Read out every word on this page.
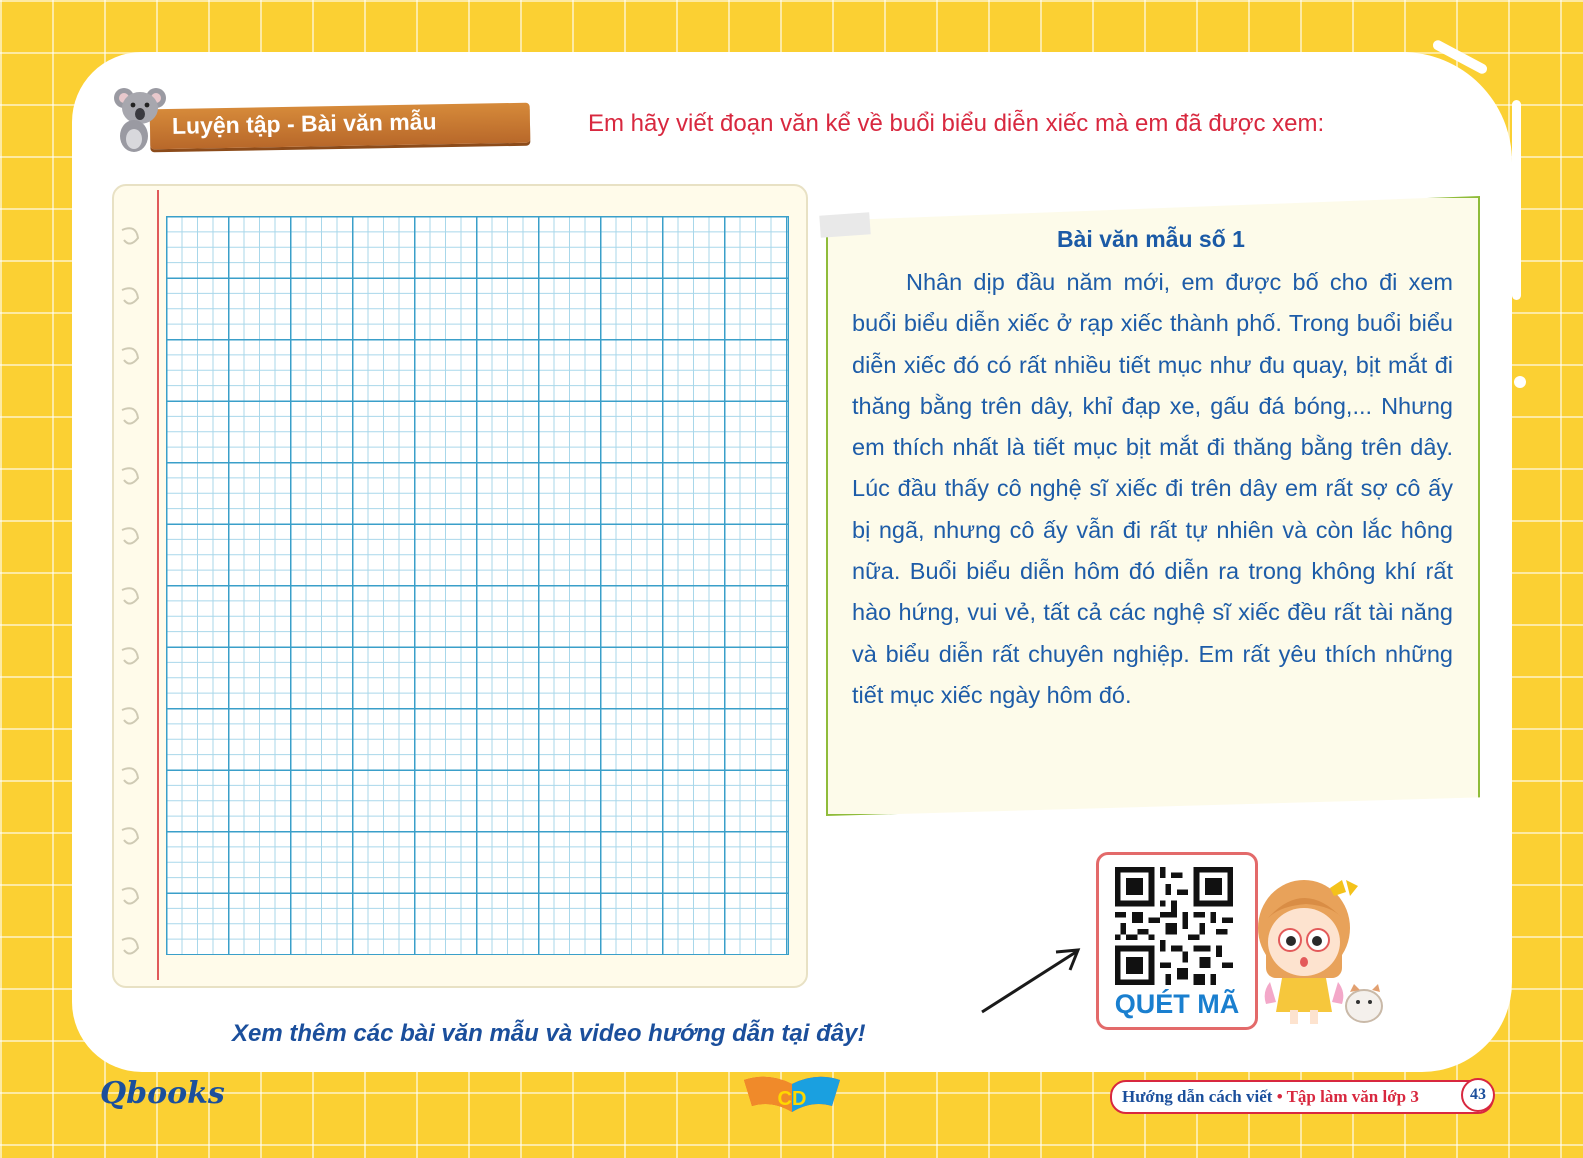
Luyện tập - Bài văn mẫu	Em hãy viết đoạn văn kể về buổi biểu diễn xiếc mà em đã được xem:
Bài văn mẫu số 1

Nhân dịp đầu năm mới, em được bố cho đi xem buổi biểu diễn xiếc ở rạp xiếc thành phố. Trong buổi biểu diễn xiếc đó có rất nhiều tiết mục như đu quay, bịt mắt đi thăng bằng trên dây, khỉ đạp xe, gấu đá bóng,... Nhưng em thích nhất là tiết mục bịt mắt đi thăng bằng trên dây. Lúc đầu thấy cô nghệ sĩ xiếc đi trên dây em rất sợ cô ấy bị ngã, nhưng cô ấy vẫn đi rất tự nhiên và còn lắc hông nữa. Buổi biểu diễn hôm đó diễn ra trong không khí rất hào hứng, vui vẻ, tất cả các nghệ sĩ xiếc đều rất tài năng và biểu diễn rất chuyên nghiệp. Em rất yêu thích những tiết mục xiếc ngày hôm đó.

Xem thêm các bài văn mẫu và video hướng dẫn tại đây!
QUÉT MÃ
Qbooks	CD	Hướng dẫn cách viết • Tập làm văn lớp 3	43
